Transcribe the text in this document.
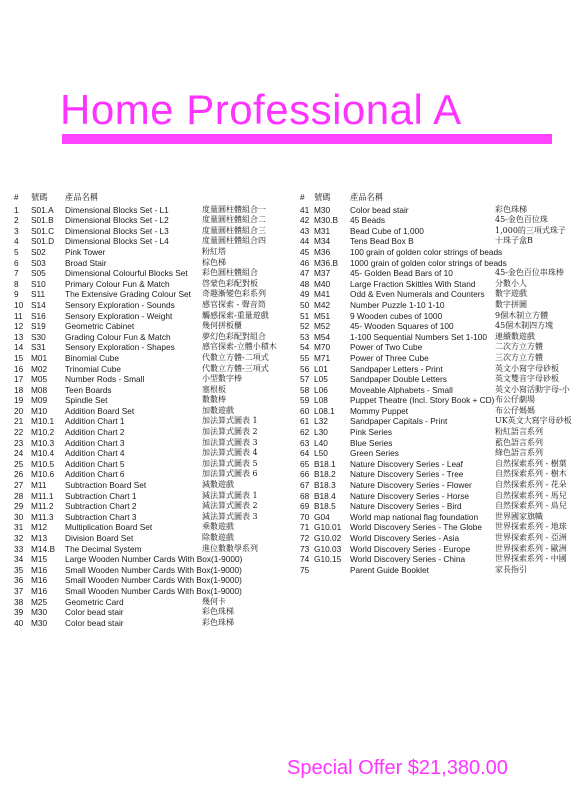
Home Professional A
# 號碼 產品名稱
1 S01.A Dimensional Blocks Set - L1	度量圓柱體組合一
2 S01.B Dimensional Blocks Set - L2	度量圓柱體組合二
3 S01.C Dimensional Blocks Set - L3	度量圓柱體組合三
4 S01.D Dimensional Blocks Set - L4	度量圓柱體組合四
5 S02 Pink Tower	粉紅塔
6 S03 Broad Stair	棕色梯
7 S05 Dimensional Colourful Blocks Set 彩色圓柱體組合
8 S10 Primary Colour Fun & Match	啓蒙色彩配對板
9 S11 The Extensive Grading Colour Set 奇趣漸變色彩系列
10 S14 Sensory Exploration - Sounds	感官探索 - 聲音筒
11 S16 Sensory Exploration - Weight	觸感探索-重量遊戲
12 S19 Geometric Cabinet	幾何拼板櫃
13 S30 Grading Colour Fun & Match	夢幻色彩配對組合
14 S31 Sensory Exploration - Shapes	感官探索-立體小積木
15 M01 Binomial Cube	代數立方體-二項式
16 M02 Trinomial Cube	代數立方體-三項式
17 M05 Number Rods - Small	小型數字棒
18 M08 Teen Boards	塞根板
19 M09 Spindle Set	數數棒
20 M10 Addition Board Set	加數遊戲
21 M10.1 Addition Chart 1	加法算式圖表 1
22 M10.2 Addition Chart 2	加法算式圖表 2
23 M10.3 Addition Chart 3	加法算式圖表 3
24 M10.4 Addition Chart 4	加法算式圖表 4
25 M10.5 Addition Chart 5	加法算式圖表 5
26 M10.6 Addition Chart 6	加法算式圖表 6
27 M11 Subtraction Board Set	減數遊戲
28 M11.1 Subtraction Chart 1	減法算式圖表 1
29 M11.2 Subtraction Chart 2	減法算式圖表 2
30 M11.3 Subtraction Chart 3	減法算式圖表 3
31 M12 Multiplication Board Set	乘數遊戲
32 M13 Division Board Set	除數遊戲
33 M14.B The Decimal System	進位數數學系列
34 M15 Large Wooden Number Cards With Box(1-9000)
35 M16 Small Wooden Number Cards With Box(1-9000)
36 M16 Small Wooden Number Cards With Box(1-9000)
37 M16 Small Wooden Number Cards With Box(1-9000)
38 M25 Geometric Card	幾何卡
39 M30 Color bead stair	彩色珠梯
40 M30 Color bead stair	彩色珠梯
# 號碼 產品名稱
41 M30 Color bead stair	彩色珠梯
42 M30.B 45 Beads	45-金色百位珠
43 M31 Bead Cube of 1,000	1,000的三項式珠子
44 M34 Tens Bead Box B	十珠子盒B
45 M36 100 grain of golden color strings of beads
46 M36.B 1000 grain of golden color strings of beads
47 M37 45- Golden Bead Bars of 10	45-金色百位串珠棒
48 M40 Large Fraction Skittles With Stand 分數小人
49 M41 Odd & Even Numerals and Counters 數字遊戲
50 M42 Number Puzzle 1-10 1-10	數字拼圖
51 M51 9 Wooden cubes of 1000	9個木制立方體
52 M52 45- Wooden Squares of 100	45個木制四方塊
53 M54 1-100 Sequential Numbers Set 1-100 連續數遊戲
54 M70 Power of Two Cube	二次方立方體
55 M71 Power of Three Cube	三次方立方體
56 L01	Sandpaper Letters - Print	英文小寫字母砂板
57 L05	Sandpaper Double Letters	英文雙音字母砂板
58 L06	Moveable Alphabets - Small	英文小寫活動字母-小
59 L08	Puppet Theatre (Incl. Story Book + CD) 布公仔劇場
60 L08.1 Mommy Puppet	布公仔媽媽
61 L32	Sandpaper Capitals - Print	UK英文大寫字母砂板
62 L30	Pink Series	粉紅語言系列
63 L40	Blue Series	藍色語言系列
64 L50	Green Series	綠色語言系列
65 B18.1 Nature Discovery Series - Leaf	自然探索系列 - 樹葉
66 B18.2 Nature Discovery Series - Tree	自然探索系列 - 樹木
67 B18.3 Nature Discovery Series - Flower	自然探索系列 - 花朵
68 B18.4 Nature Discovery Series - Horse	自然探索系列 - 馬兒
69 B18.5 Nature Discovery Series - Bird	自然探索系列 - 鳥兒
70 G04 World map national flag foundation 世界國家旗幟
71 G10.01 World Discovery Series - The Globe 世界探索系列 - 地球
72 G10.02 World Discovery Series - Asia	世界探索系列 - 亞洲
73 G10.03 World Discovery Series - Europe	世界探索系列 - 歐洲
74 G10.15 World Discovery Series - China	世界探索系列 - 中國
75	Parent Guide Booklet	家長指引
Special Offer $21,380.00
